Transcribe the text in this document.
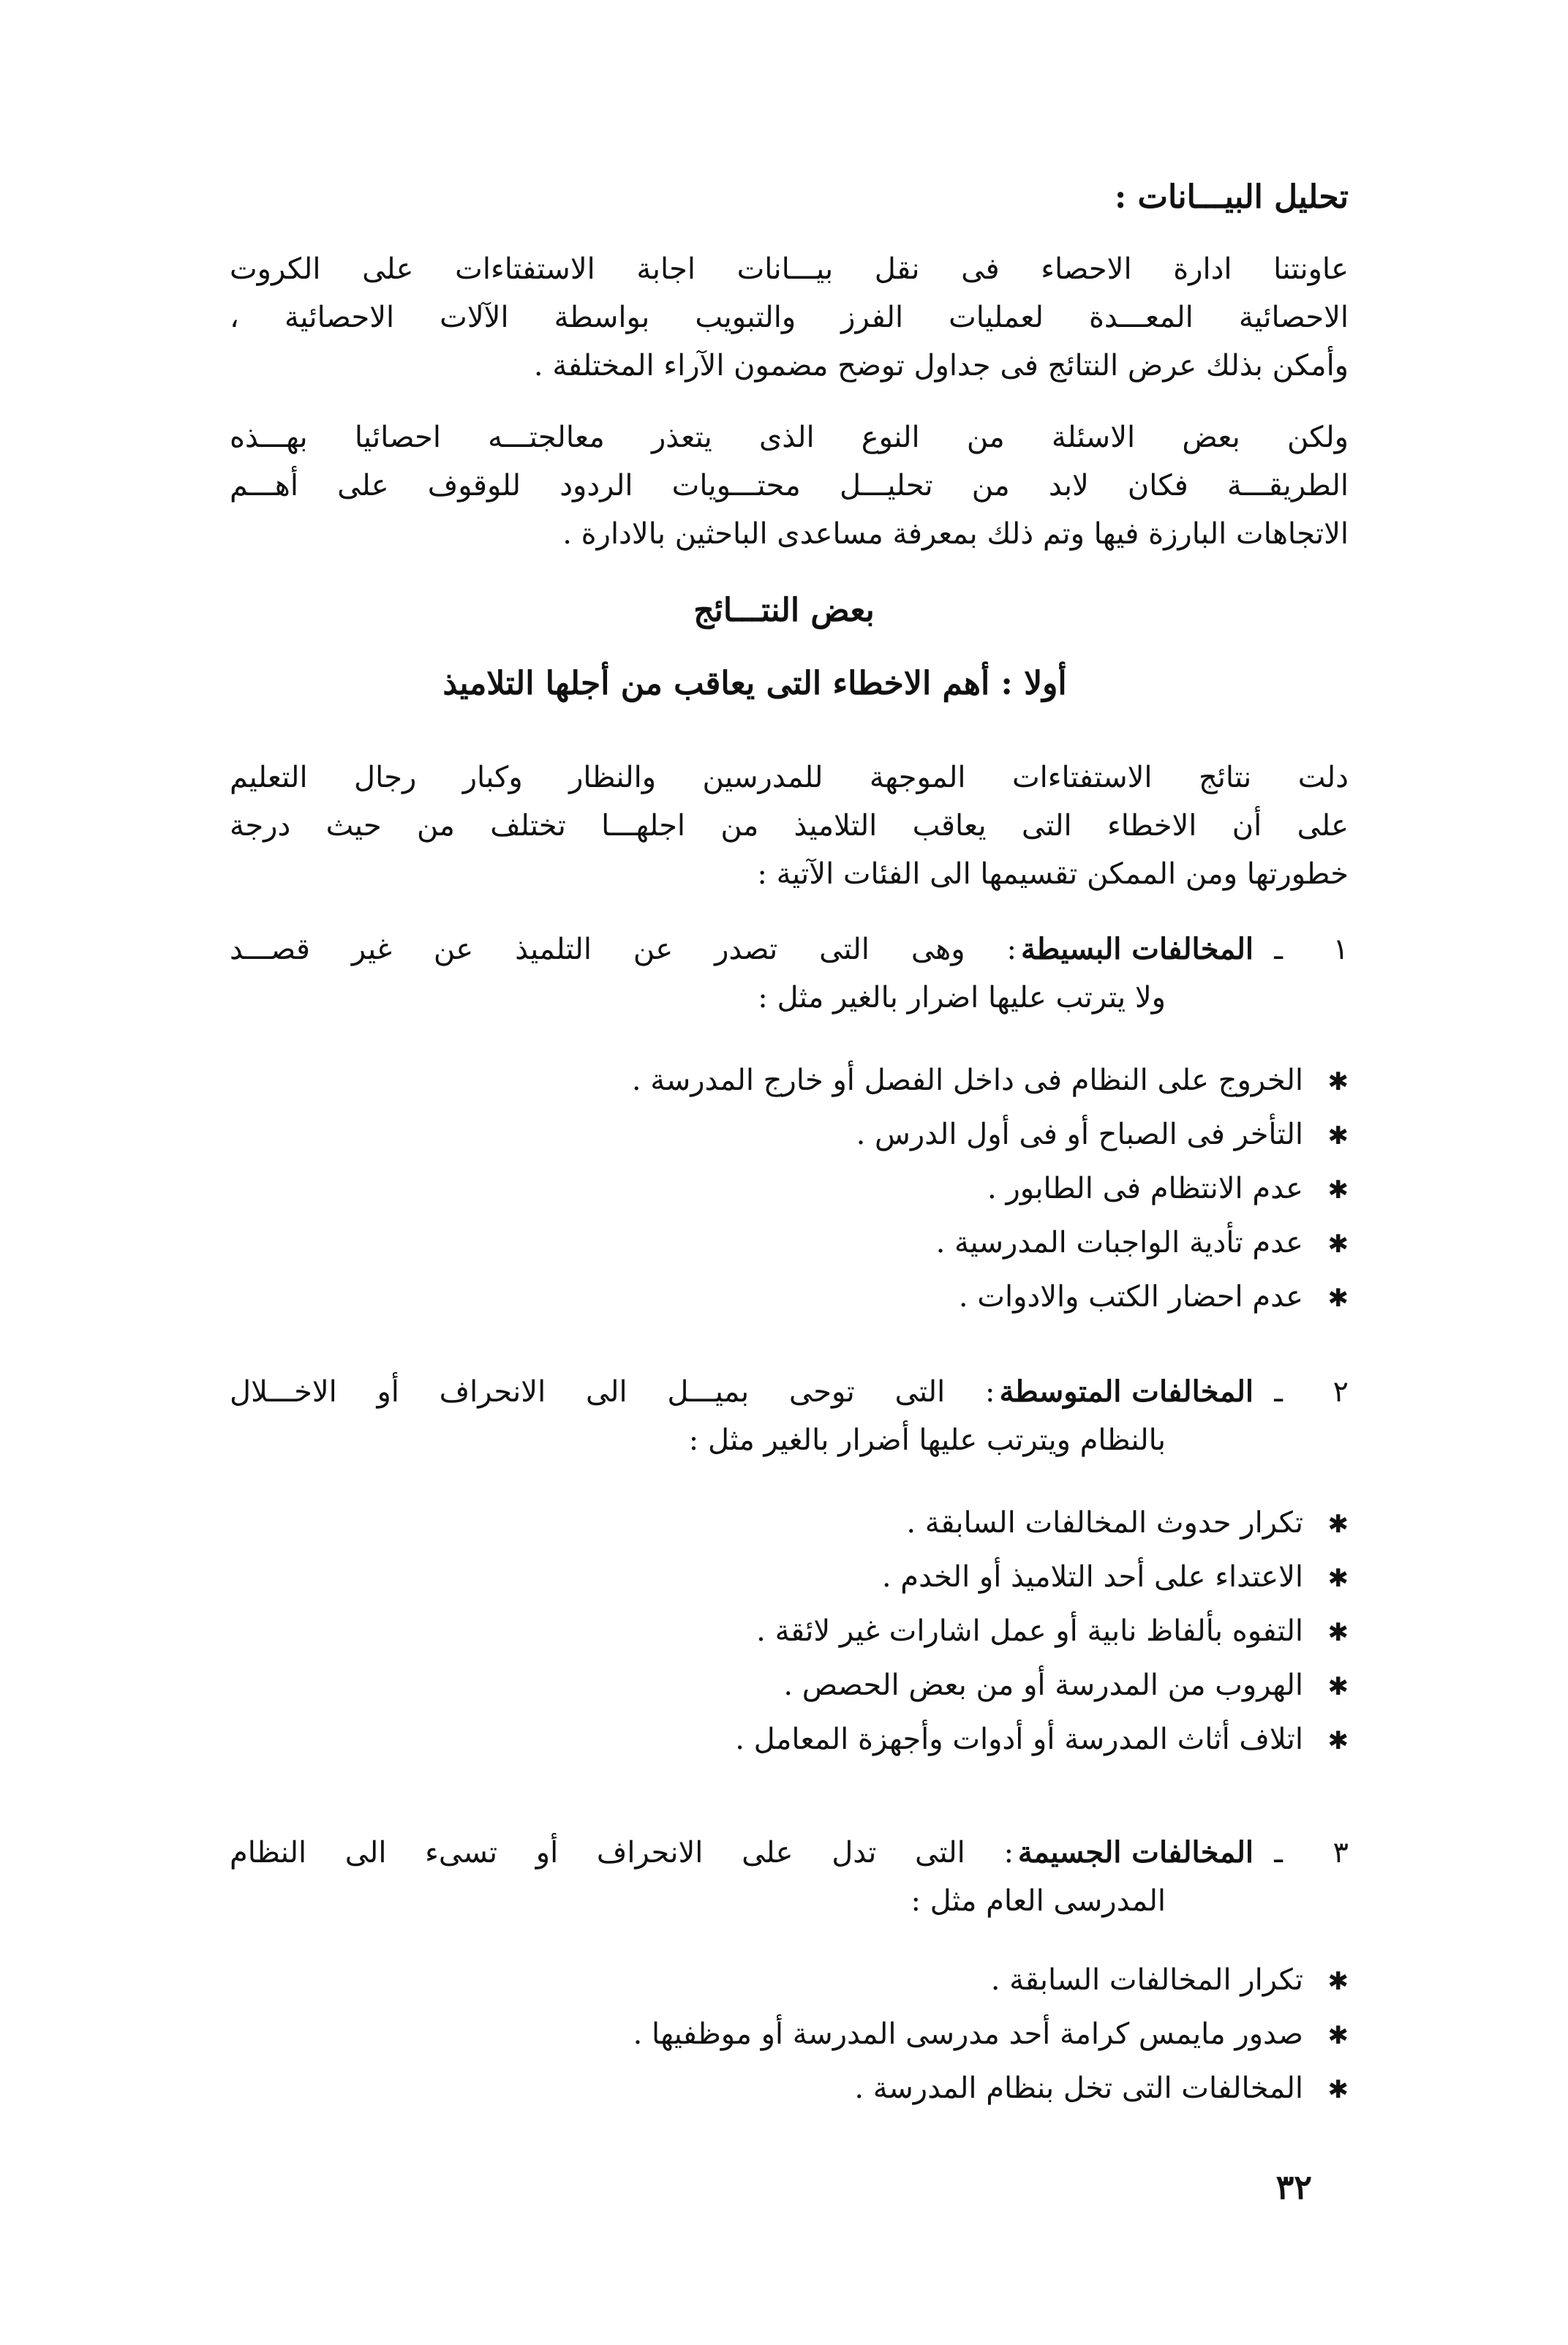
تحليل البيـــانات :
عاونتنا ادارة الاحصاء فى نقل بيـــانات اجابة الاستفتاءات على الكروت
الاحصائية المعـــدة لعمليات الفرز والتبويب بواسطة الآلات الاحصائية ،
وأمكن بذلك عرض النتائج فى جداول توضح مضمون الآراء المختلفة .
ولكن بعض الاسئلة من النوع الذى يتعذر معالجتـــه احصائيا بهـــذه
الطريقـــة فكان لابد من تحليـــل محتـــويات الردود للوقوف على أهـــم
الاتجاهات البارزة فيها وتم ذلك بمعرفة مساعدى الباحثين بالادارة .
بعض النتـــائج
أولا : أهم الاخطاء التى يعاقب من أجلها التلاميذ
دلت نتائج الاستفتاءات الموجهة للمدرسين والنظار وكبار رجال التعليم
على أن الاخطاء التى يعاقب التلاميذ من اجلهـــا تختلف من حيث درجة
خطورتها ومن الممكن تقسيمها الى الفئات الآتية :
١
ـ
المخالفات البسيطة
: وهى التى تصدر عن التلميذ عن غير قصـــد
ولا يترتب عليها اضرار بالغير مثل :
✱
الخروج على النظام فى داخل الفصل أو خارج المدرسة .
✱
التأخر فى الصباح أو فى أول الدرس .
✱
عدم الانتظام فى الطابور .
✱
عدم تأدية الواجبات المدرسية .
✱
عدم احضار الكتب والادوات .
٢
ـ
المخالفات المتوسطة
: التى توحى بميـــل الى الانحراف أو الاخـــلال
بالنظام ويترتب عليها أضرار بالغير مثل :
✱
تكرار حدوث المخالفات السابقة .
✱
الاعتداء على أحد التلاميذ أو الخدم .
✱
التفوه بألفاظ نابية أو عمل اشارات غير لائقة .
✱
الهروب من المدرسة أو من بعض الحصص .
✱
اتلاف أثاث المدرسة أو أدوات وأجهزة المعامل .
٣
ـ
المخالفات الجسيمة
: التى تدل على الانحراف أو تسىء الى النظام
المدرسى العام مثل :
✱
تكرار المخالفات السابقة .
✱
صدور مايمس كرامة أحد مدرسى المدرسة أو موظفيها .
✱
المخالفات التى تخل بنظام المدرسة .
٣٢
